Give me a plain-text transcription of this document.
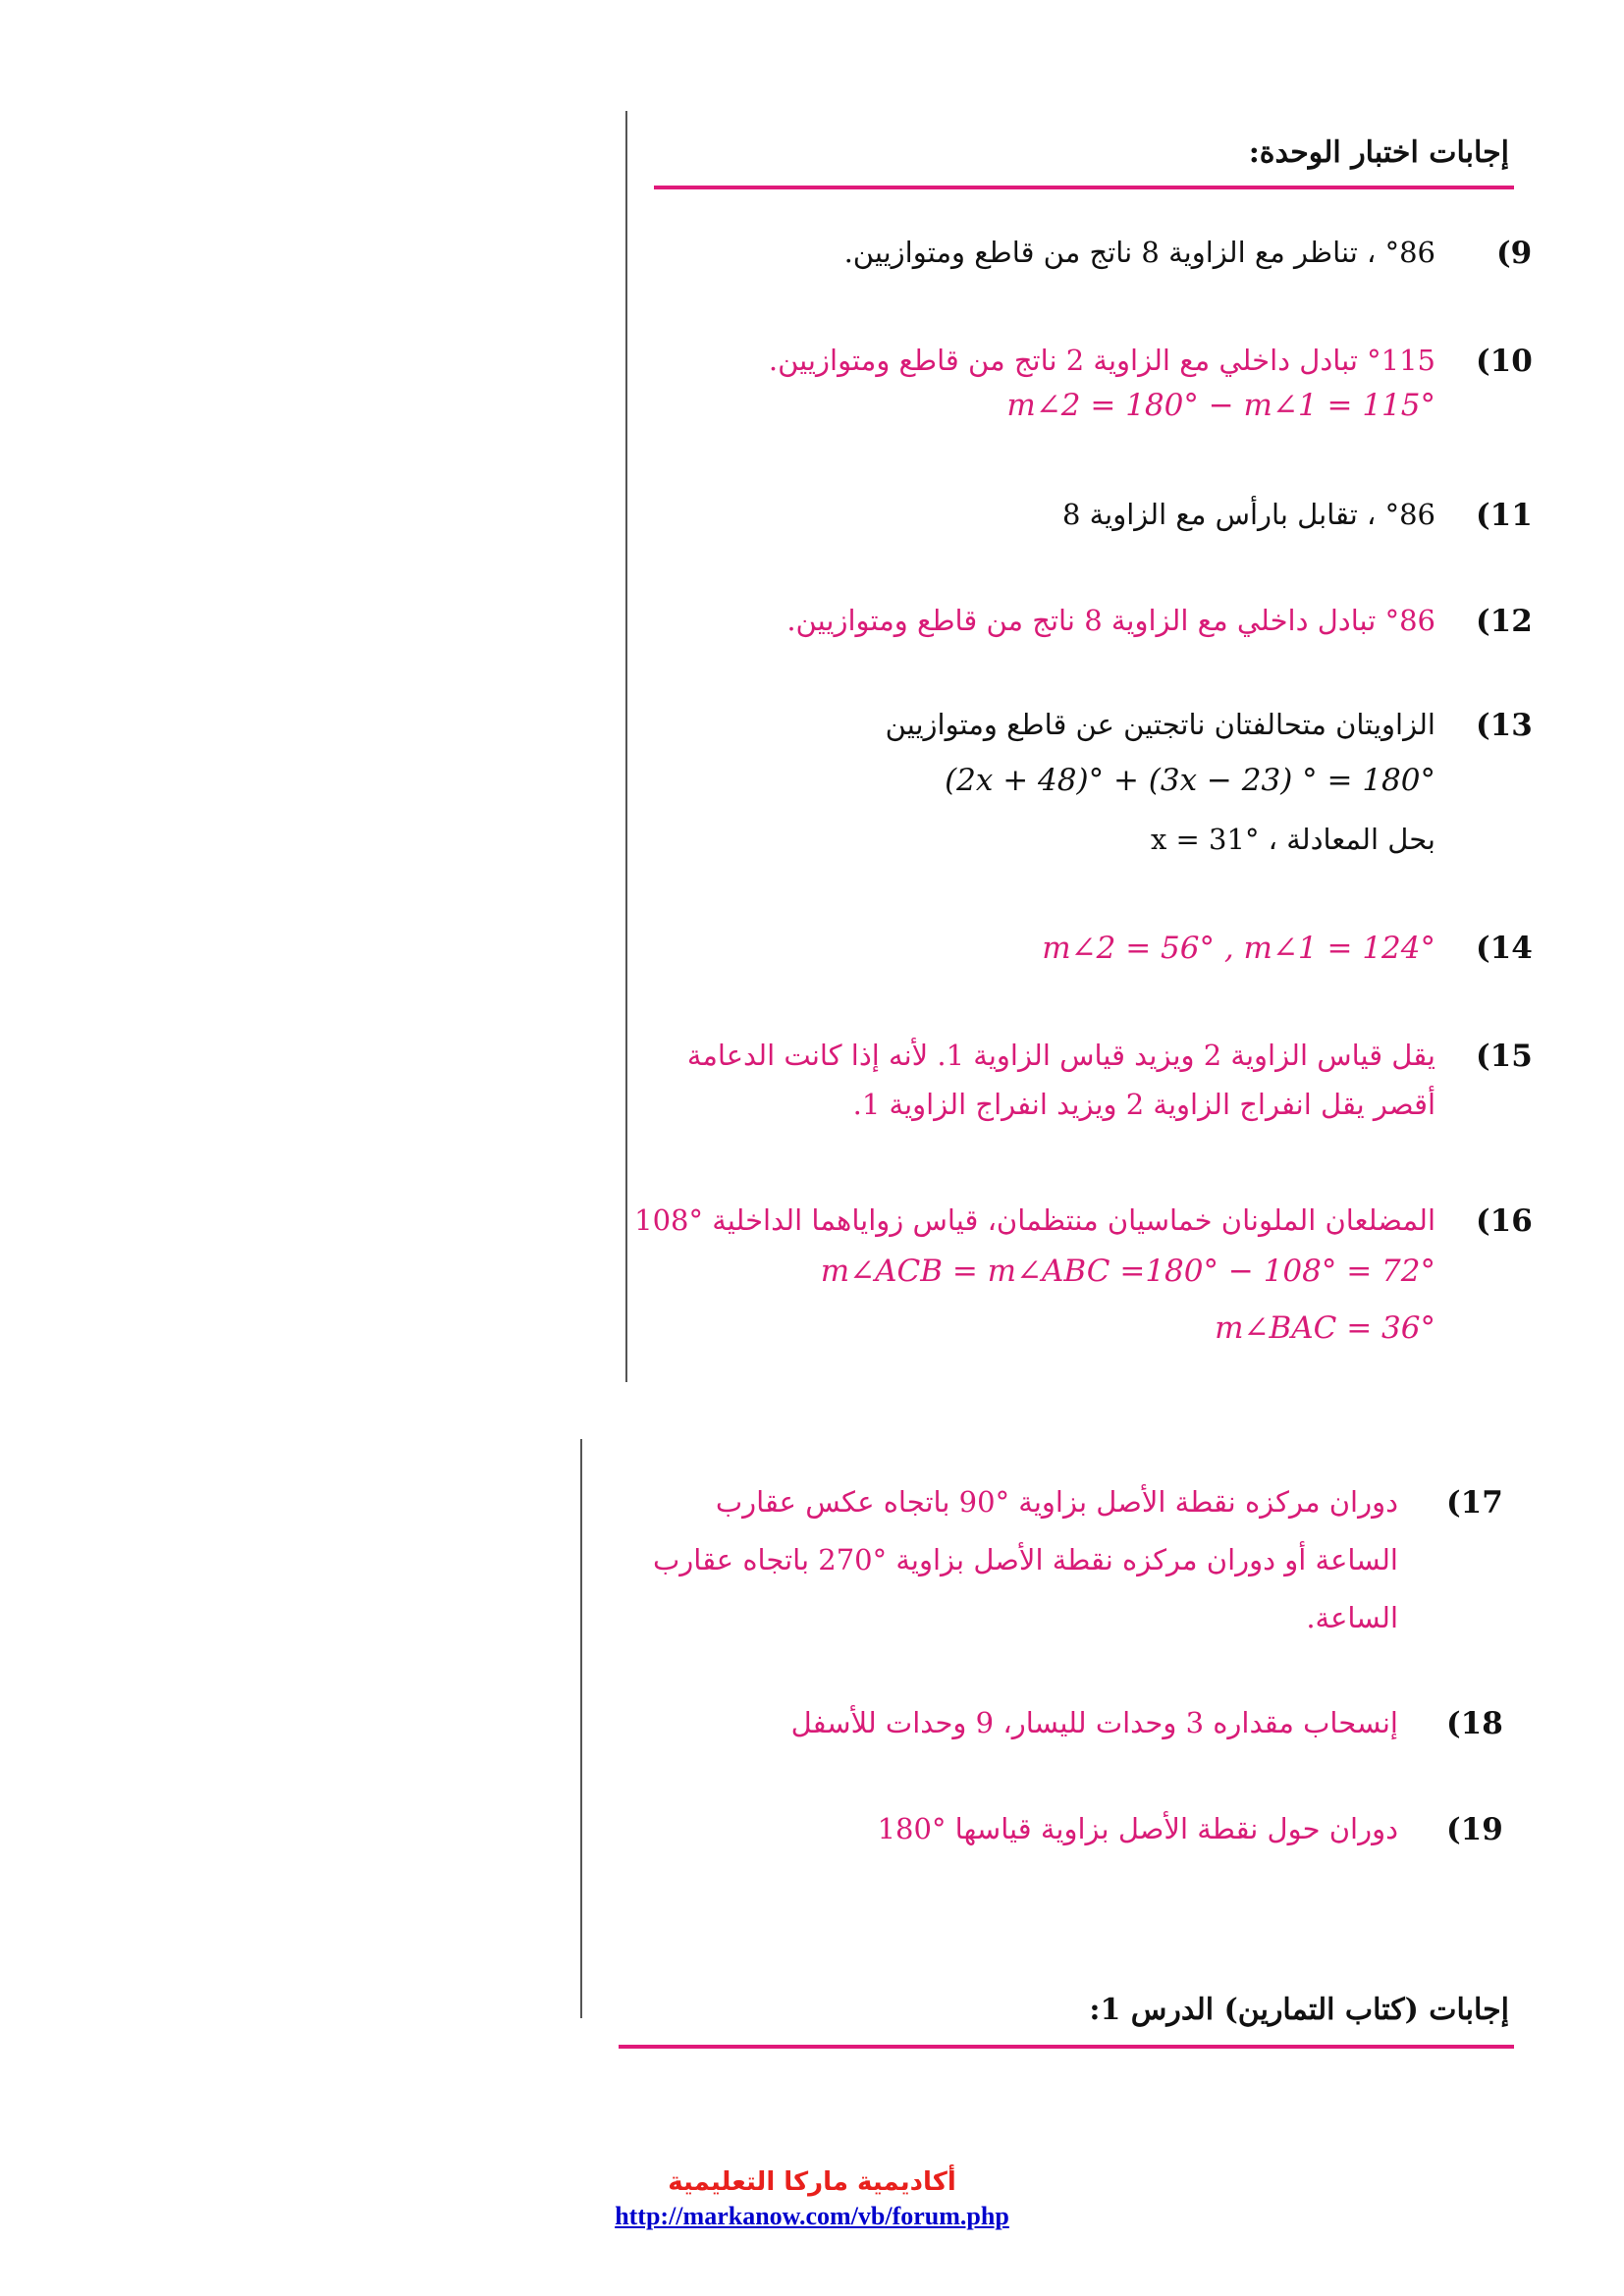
إجابات اختبار الوحدة:
(9
°86 ، تناظر مع الزاوية 8 ناتج من قاطع ومتوازيين.
(10
°115 تبادل داخلي مع الزاوية 2 ناتج من قاطع ومتوازيين.
m∠2 = 180° − m∠1 = 115°
(11
°86 ، تقابل بارأس مع الزاوية 8
(12
°86 تبادل داخلي مع الزاوية 8 ناتج من قاطع ومتوازيين.
(13
الزاويتان متحالفتان ناتجتين عن قاطع ومتوازيين
(2x + 48)° + (3x − 23) ° = 180°
بحل المعادلة ، °x = 31
(14
m∠2 = 56° , m∠1 = 124°
(15
يقل قياس الزاوية 2 ويزيد قياس الزاوية 1. لأنه إذا كانت الدعامة
أقصر يقل انفراج الزاوية 2 ويزيد انفراج الزاوية 1.
(16
المضلعان الملونان خماسيان منتظمان، قياس زواياهما الداخلية °108
m∠ACB = m∠ABC =180° − 108° = 72°
m∠BAC = 36°
(17
دوران مركزه نقطة الأصل بزاوية °90 باتجاه عكس عقارب
الساعة أو دوران مركزه نقطة الأصل بزاوية °270 باتجاه عقارب
الساعة.
(18
إنسحاب مقداره 3 وحدات لليسار، 9 وحدات للأسفل
(19
دوران حول نقطة الأصل بزاوية قياسها °180
إجابات (كتاب التمارين) الدرس 1:
أكاديمية ماركا التعليمية
http://markanow.com/vb/forum.php
